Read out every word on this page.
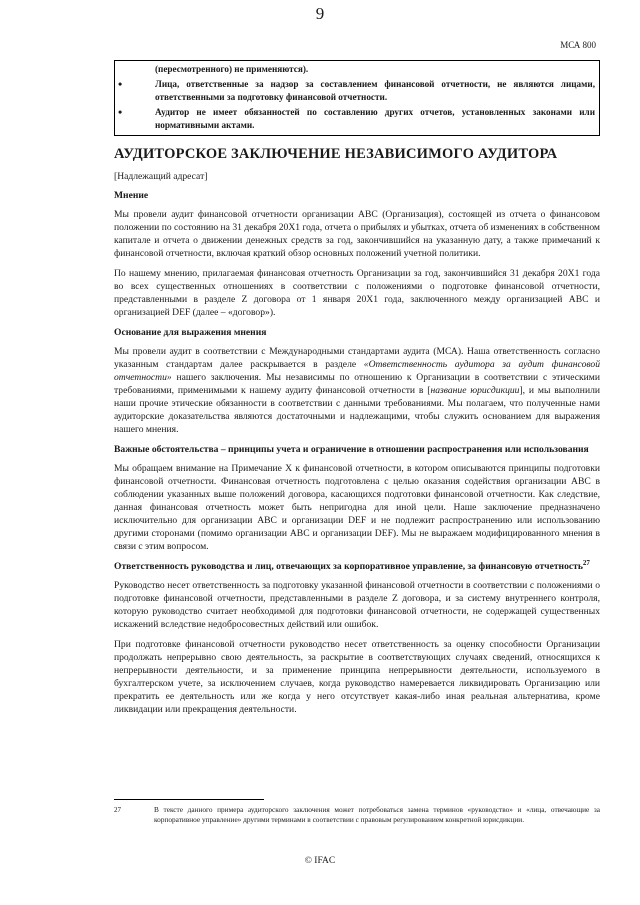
9
МСА 800
(пересмотренного) не применяются).
• Лица, ответственные за надзор за составлением финансовой отчетности, не являются лицами, ответственными за подготовку финансовой отчетности.
• Аудитор не имеет обязанностей по составлению других отчетов, установленных законами или нормативными актами.
АУДИТОРСКОЕ ЗАКЛЮЧЕНИЕ НЕЗАВИСИМОГО АУДИТОРА
[Надлежащий адресат]
Мнение

Мы провели аудит финансовой отчетности организации ABC (Организация), состоящей из отчета о финансовом положении по состоянию на 31 декабря 20X1 года, отчета о прибылях и убытках, отчета об изменениях в собственном капитале и отчета о движении денежных средств за год, закончившийся на указанную дату, а также примечаний к финансовой отчетности, включая краткий обзор основных положений учетной политики.

По нашему мнению, прилагаемая финансовая отчетность Организации за год, закончившийся 31 декабря 20X1 года во всех существенных отношениях в соответствии с положениями о подготовке финансовой отчетности, представленными в разделе Z договора от 1 января 20X1 года, заключенного между организацией ABC и организацией DEF (далее – «договор»).

Основание для выражения мнения

Мы провели аудит в соответствии с Международными стандартами аудита (МСА). Наша ответственность согласно указанным стандартам далее раскрывается в разделе «Ответственность аудитора за аудит финансовой отчетности» нашего заключения. Мы независимы по отношению к Организации в соответствии с этическими требованиями, применимыми к нашему аудиту финансовой отчетности в [название юрисдикции], и мы выполнили наши прочие этические обязанности в соответствии с данными требованиями. Мы полагаем, что полученные нами аудиторские доказательства являются достаточными и надлежащими, чтобы служить основанием для выражения нашего мнения.

Важные обстоятельства – принципы учета и ограничение в отношении распространения или использования

Мы обращаем внимание на Примечание X к финансовой отчетности, в котором описываются принципы подготовки финансовой отчетности. Финансовая отчетность подготовлена с целью оказания содействия организации ABC в соблюдении указанных выше положений договора, касающихся подготовки финансовой отчетности. Как следствие, данная финансовая отчетность может быть непригодна для иной цели. Наше заключение предназначено исключительно для организации ABC и организации DEF и не подлежит распространению или использованию другими сторонами (помимо организации ABC и организации DEF). Мы не выражаем модифицированного мнения в связи с этим вопросом.

Ответственность руководства и лиц, отвечающих за корпоративное управление, за финансовую отчетность$^{27}$

Руководство несет ответственность за подготовку указанной финансовой отчетности в соответствии с положениями о подготовке финансовой отчетности, представленными в разделе Z договора, и за систему внутреннего контроля, которую руководство считает необходимой для подготовки финансовой отчетности, не содержащей существенных искажений вследствие недобросовестных действий или ошибок.

При подготовке финансовой отчетности руководство несет ответственность за оценку способности Организации продолжать непрерывно свою деятельность, за раскрытие в соответствующих случаях сведений, относящихся к непрерывности деятельности, и за применение принципа непрерывности деятельности, используемого в бухгалтерском учете, за исключением случаев, когда руководство намеревается ликвидировать Организацию или прекратить ее деятельность или же когда у него отсутствует какая-либо иная реальная альтернатива, кроме ликвидации или прекращения деятельности.

27	В тексте данного примера аудиторского заключения может потребоваться замена терминов «руководство» и «лица, отвечающие за корпоративное управление» другими терминами в соответствии с правовым регулированием конкретной юрисдикции.
© IFAC
